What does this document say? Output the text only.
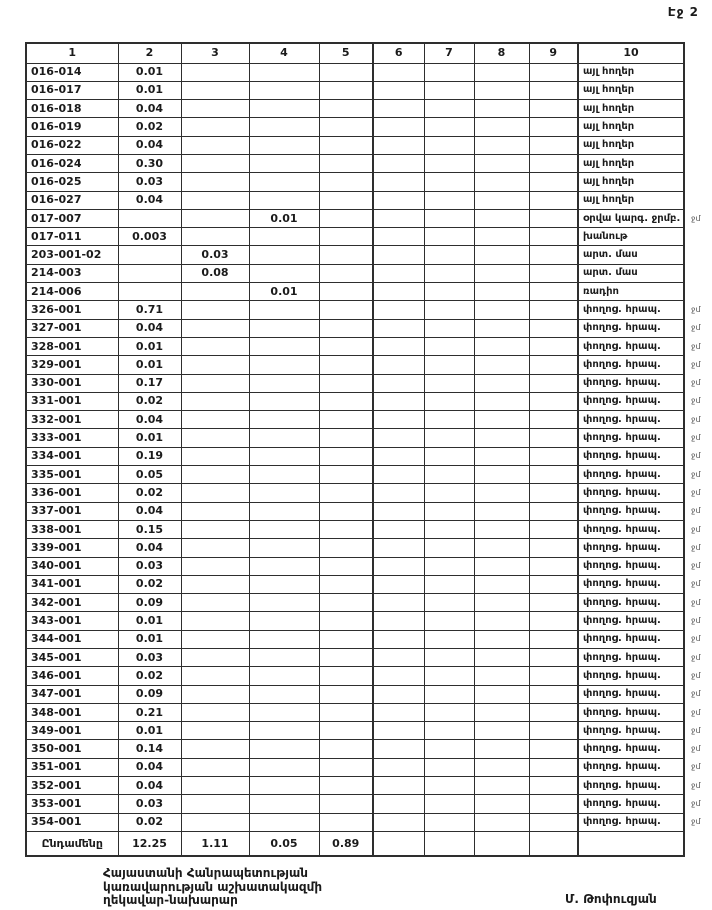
Էջ 2
1	2	3	4	5	6	7	8	9	10	
016-014	0.01								այլ հողեր	
016-017	0.01								այլ հողեր	
016-018	0.04								այլ հողեր	
016-019	0.02								այլ հողեր	
016-022	0.04								այլ հողեր	
016-024	0.30								այլ հողեր	
016-025	0.03								այլ հողեր	
016-027	0.04								այլ հողեր	
017-007			0.01						օրվա կարգ. ջրմբ.	ջմ
017-011	0.003								խանութ	
203-001-02		0.03							արտ. մաս	
214-003		0.08							արտ. մաս	
214-006			0.01						ռադիո	
326-001	0.71								փողոց. հրապ.	ջմ
327-001	0.04								փողոց. հրապ.	ջմ
328-001	0.01								փողոց. հրապ.	ջմ
329-001	0.01								փողոց. հրապ.	ջմ
330-001	0.17								փողոց. հրապ.	ջմ
331-001	0.02								փողոց. հրապ.	ջմ
332-001	0.04								փողոց. հրապ.	ջմ
333-001	0.01								փողոց. հրապ.	ջմ
334-001	0.19								փողոց. հրապ.	ջմ
335-001	0.05								փողոց. հրապ.	ջմ
336-001	0.02								փողոց. հրապ.	ջմ
337-001	0.04								փողոց. հրապ.	ջմ
338-001	0.15								փողոց. հրապ.	ջմ
339-001	0.04								փողոց. հրապ.	ջմ
340-001	0.03								փողոց. հրապ.	ջմ
341-001	0.02								փողոց. հրապ.	ջմ
342-001	0.09								փողոց. հրապ.	ջմ
343-001	0.01								փողոց. հրապ.	ջմ
344-001	0.01								փողոց. հրապ.	ջմ
345-001	0.03								փողոց. հրապ.	ջմ
346-001	0.02								փողոց. հրապ.	ջմ
347-001	0.09								փողոց. հրապ.	ջմ
348-001	0.21								փողոց. հրապ.	ջմ
349-001	0.01								փողոց. հրապ.	ջմ
350-001	0.14								փողոց. հրապ.	ջմ
351-001	0.04								փողոց. հրապ.	ջմ
352-001	0.04								փողոց. հրապ.	ջմ
353-001	0.03								փողոց. հրապ.	ջմ
354-001	0.02								փողոց. հրապ.	ջմ
Ընդամենը	12.25	1.11	0.05	0.89						
Հայաստանի Հանրապետության
կառավարության աշխատակազմի
ղեկավար-նախարար	Մ. Թոփուզյան
